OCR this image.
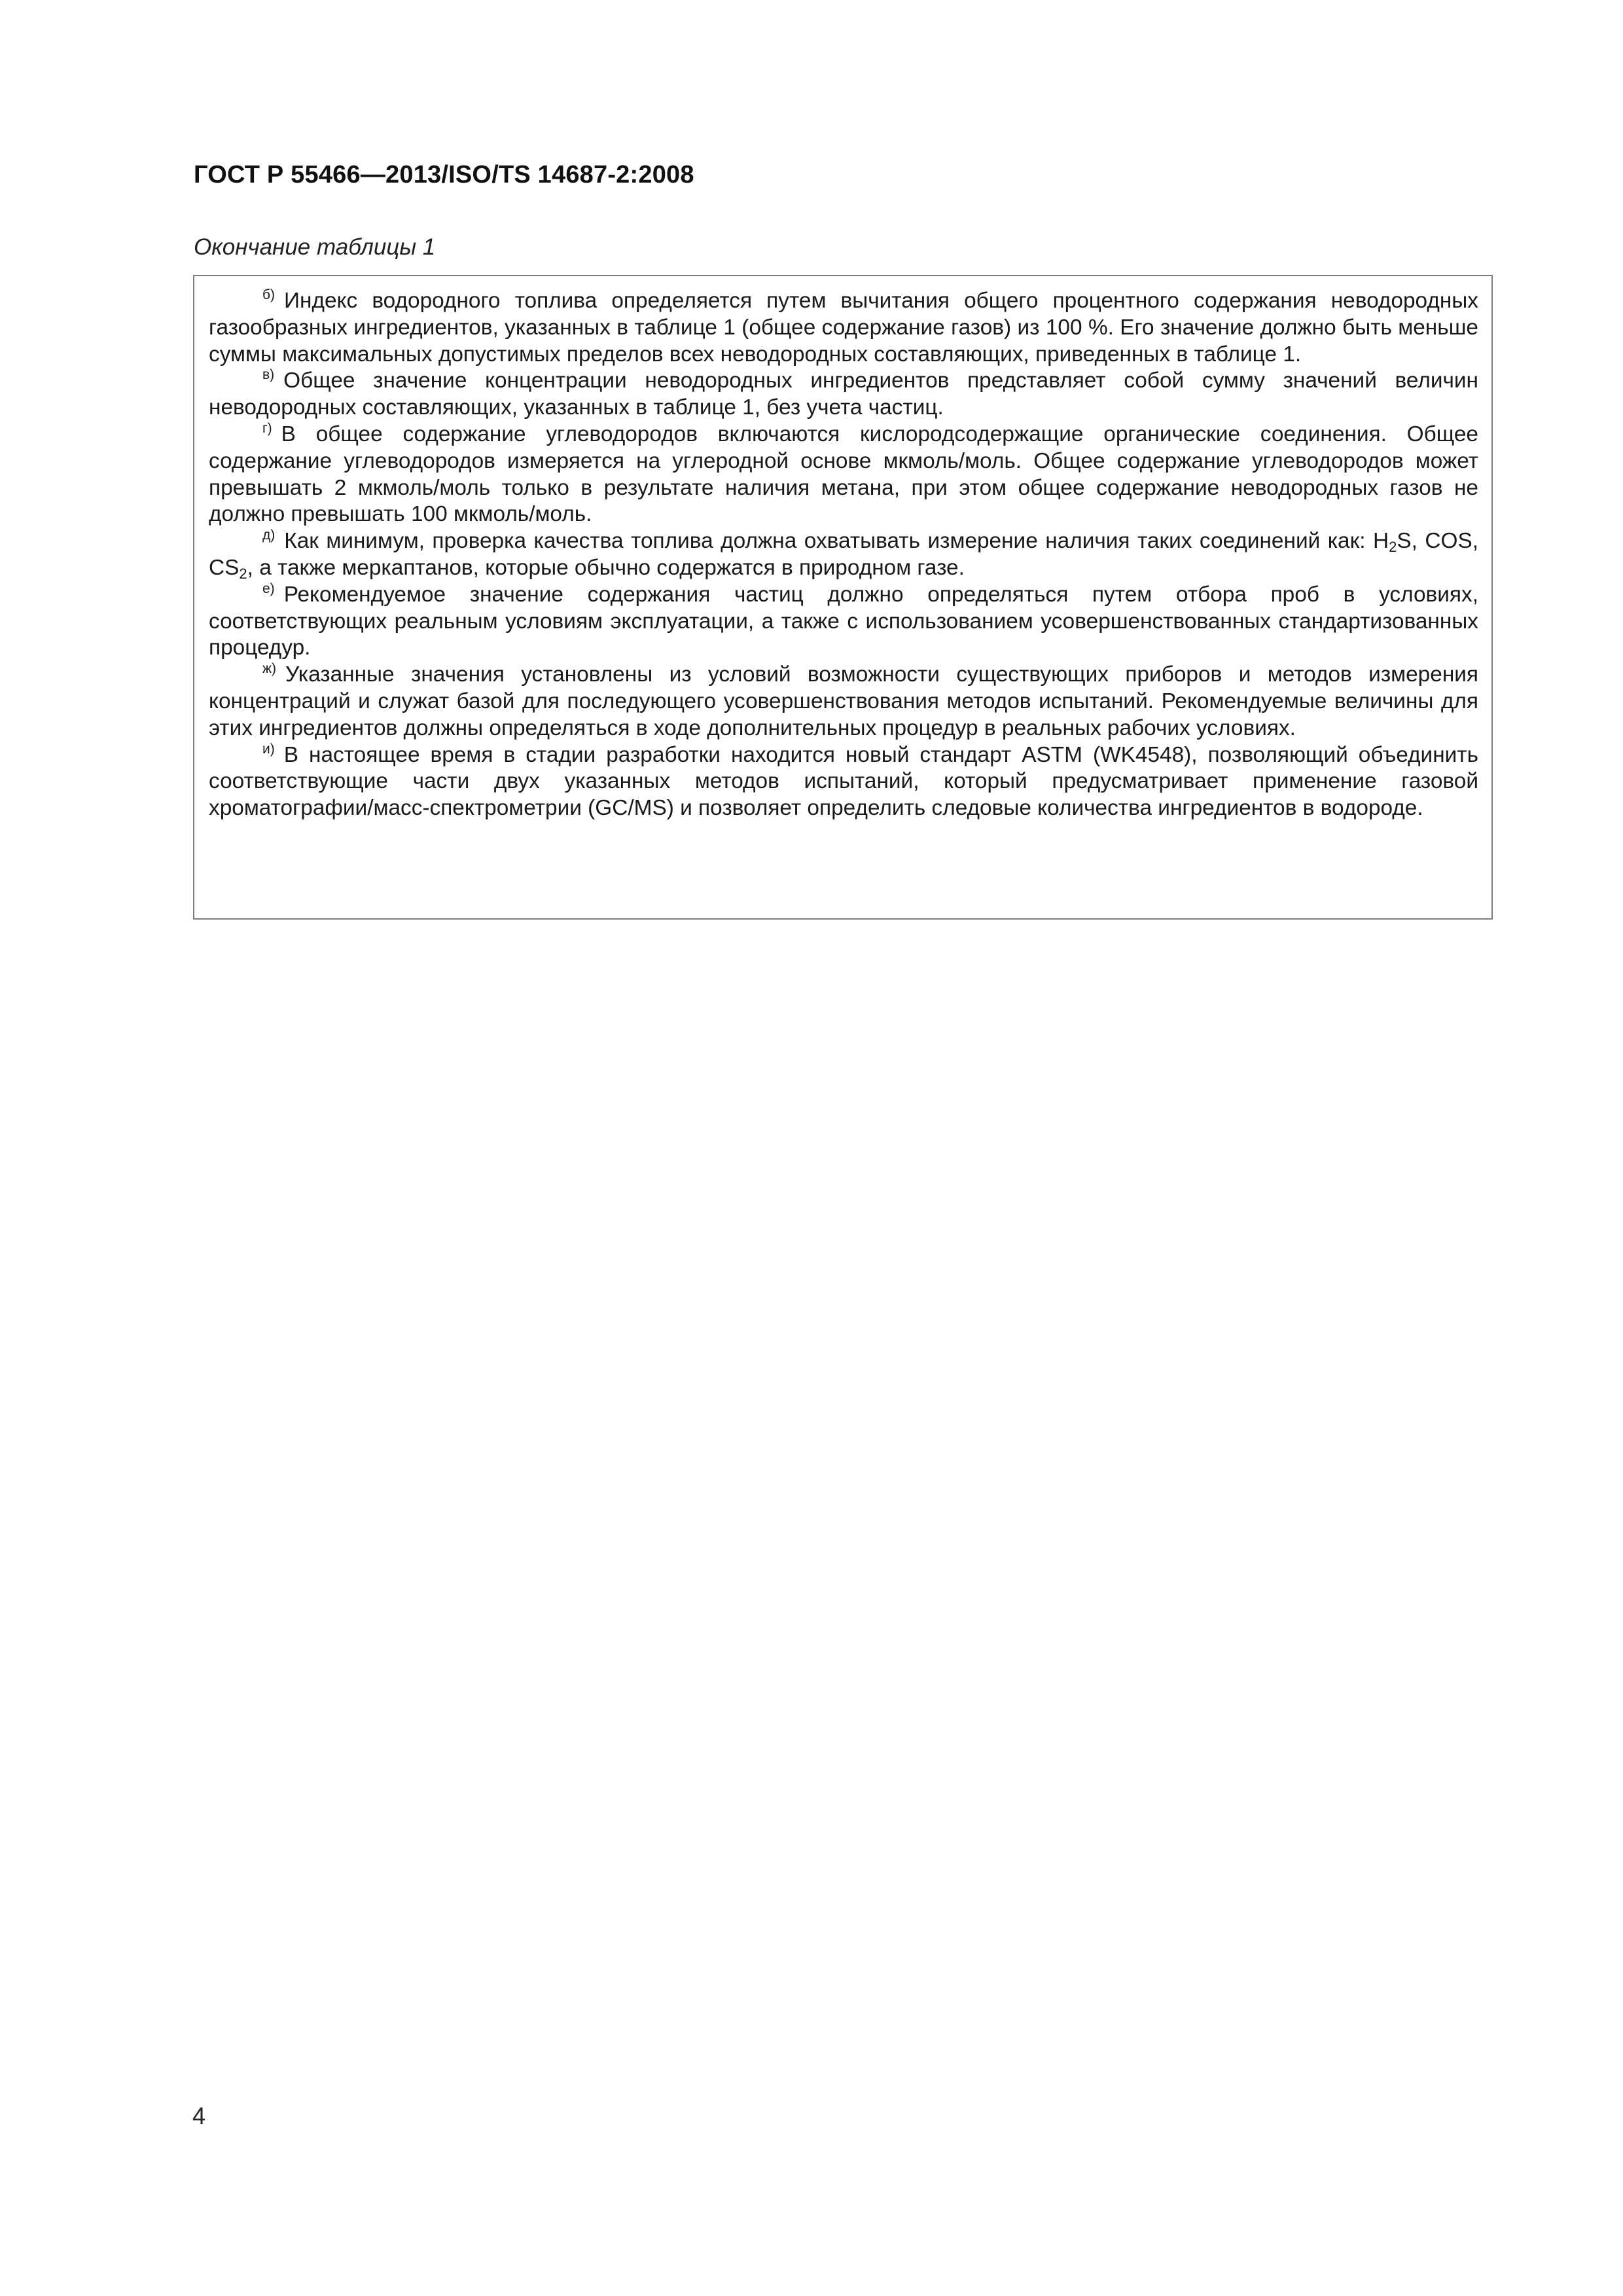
ГОСТ Р 55466—2013/ISO/TS 14687-2:2008
Окончание таблицы 1

$^{б)}$ Индекс водородного топлива определяется путем вычитания общего процентного содержания неводородных газообразных ингредиентов, указанных в таблице 1 (общее содержание газов) из 100 %. Его значение должно быть меньше суммы максимальных допустимых пределов всех неводородных составляющих, приведенных в таблице 1.

$^{в)}$ Общее значение концентрации неводородных ингредиентов представляет собой сумму значений величин неводородных составляющих, указанных в таблице 1, без учета частиц.

$^{г)}$ В общее содержание углеводородов включаются кислородсодержащие органические соединения. Общее содержание углеводородов измеряется на углеродной основе мкмоль/моль. Общее содержание углеводородов может превышать 2 мкмоль/моль только в результате наличия метана, при этом общее содержание неводородных газов не должно превышать 100 мкмоль/моль.

$^{д)}$ Как минимум, проверка качества топлива должна охватывать измерение наличия таких соединений как: H2S, COS, CS2, а также меркаптанов, которые обычно содержатся в природном газе.

$^{е)}$ Рекомендуемое значение содержания частиц должно определяться путем отбора проб в условиях, соответствующих реальным условиям эксплуатации, а также с использованием усовершенствованных стандартизованных процедур.

$^{ж)}$ Указанные значения установлены из условий возможности существующих приборов и методов измерения концентраций и служат базой для последующего усовершенствования методов испытаний. Рекомендуемые величины для этих ингредиентов должны определяться в ходе дополнительных процедур в реальных рабочих условиях.

$^{и)}$ В настоящее время в стадии разработки находится новый стандарт ASTM (WK4548), позволяющий объединить соответствующие части двух указанных методов испытаний, который предусматривает применение газовой хроматографии/масс-спектрометрии (GC/MS) и позволяет определить следовые количества ингредиентов в водороде.

4
